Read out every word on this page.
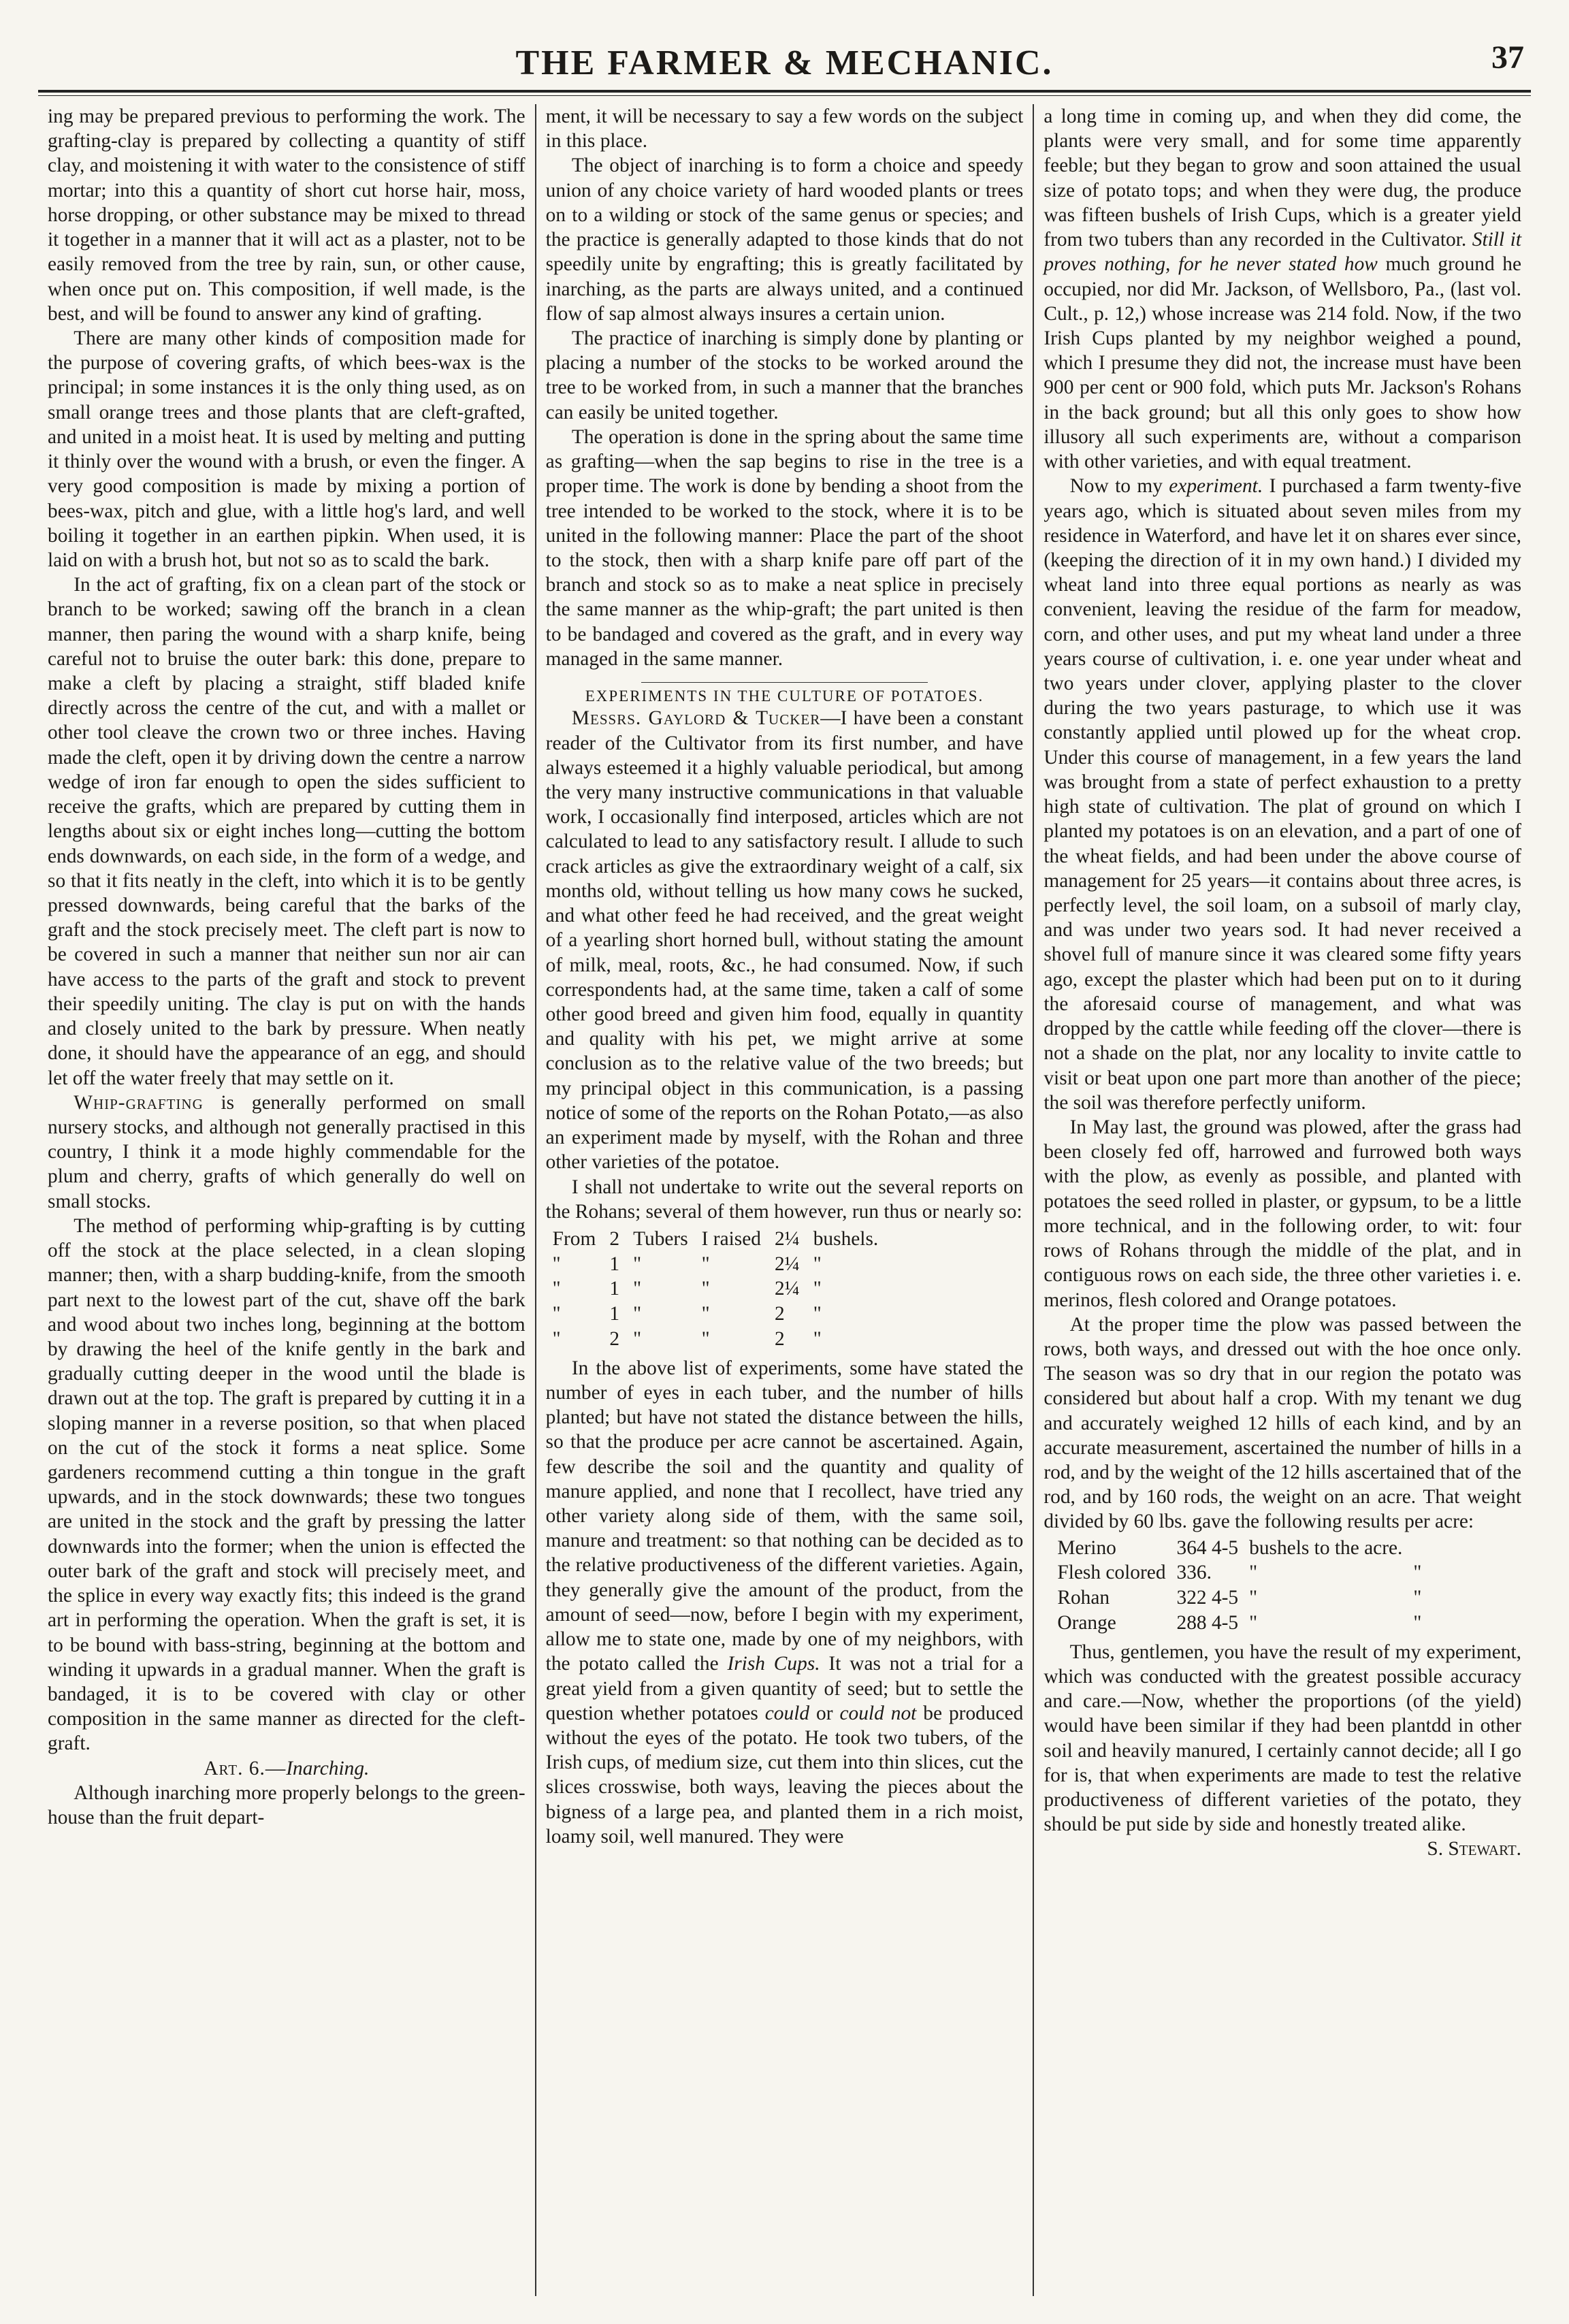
THE FARMER & MECHANIC.	37

ing may be prepared previous to performing the work. The grafting-clay is prepared by collecting a quantity of stiff clay, and moistening it with water to the consistence of stiff mortar; into this a quantity of short cut horse hair, moss, horse dropping, or other substance may be mixed to thread it together in a manner that it will act as a plaster, not to be easily removed from the tree by rain, sun, or other cause, when once put on. This composition, if well made, is the best, and will be found to answer any kind of grafting.

There are many other kinds of composition made for the purpose of covering grafts, of which bees-wax is the principal; in some instances it is the only thing used, as on small orange trees and those plants that are cleft-grafted, and united in a moist heat. It is used by melting and putting it thinly over the wound with a brush, or even the finger. A very good composition is made by mixing a portion of bees-wax, pitch and glue, with a little hog's lard, and well boiling it together in an earthen pipkin. When used, it is laid on with a brush hot, but not so as to scald the bark.

In the act of grafting, fix on a clean part of the stock or branch to be worked; sawing off the branch in a clean manner, then paring the wound with a sharp knife, being careful not to bruise the outer bark: this done, prepare to make a cleft by placing a straight, stiff bladed knife directly across the centre of the cut, and with a mallet or other tool cleave the crown two or three inches. Having made the cleft, open it by driving down the centre a narrow wedge of iron far enough to open the sides sufficient to receive the grafts, which are prepared by cutting them in lengths about six or eight inches long—cutting the bottom ends downwards, on each side, in the form of a wedge, and so that it fits neatly in the cleft, into which it is to be gently pressed downwards, being careful that the barks of the graft and the stock precisely meet. The cleft part is now to be covered in such a manner that neither sun nor air can have access to the parts of the graft and stock to prevent their speedily uniting. The clay is put on with the hands and closely united to the bark by pressure. When neatly done, it should have the appearance of an egg, and should let off the water freely that may settle on it.

Whip-grafting is generally performed on small nursery stocks, and although not generally practised in this country, I think it a mode highly commendable for the plum and cherry, grafts of which generally do well on small stocks.

The method of performing whip-grafting is by cutting off the stock at the place selected, in a clean sloping manner; then, with a sharp budding-knife, from the smooth part next to the lowest part of the cut, shave off the bark and wood about two inches long, beginning at the bottom by drawing the heel of the knife gently in the bark and gradually cutting deeper in the wood until the blade is drawn out at the top. The graft is prepared by cutting it in a sloping manner in a reverse position, so that when placed on the cut of the stock it forms a neat splice. Some gardeners recommend cutting a thin tongue in the graft upwards, and in the stock downwards; these two tongues are united in the stock and the graft by pressing the latter downwards into the former; when the union is effected the outer bark of the graft and stock will precisely meet, and the splice in every way exactly fits; this indeed is the grand art in performing the operation. When the graft is set, it is to be bound with bass-string, beginning at the bottom and winding it upwards in a gradual manner. When the graft is bandaged, it is to be covered with clay or other composition in the same manner as directed for the cleft-graft.

Art. 6.—Inarching.

Although inarching more properly belongs to the green-house than the fruit depart-

ment, it will be necessary to say a few words on the subject in this place.

The object of inarching is to form a choice and speedy union of any choice variety of hard wooded plants or trees on to a wilding or stock of the same genus or species; and the practice is generally adapted to those kinds that do not speedily unite by engrafting; this is greatly facilitated by inarching, as the parts are always united, and a continued flow of sap almost always insures a certain union.

The practice of inarching is simply done by planting or placing a number of the stocks to be worked around the tree to be worked from, in such a manner that the branches can easily be united together.

The operation is done in the spring about the same time as grafting—when the sap begins to rise in the tree is a proper time. The work is done by bending a shoot from the tree intended to be worked to the stock, where it is to be united in the following manner: Place the part of the shoot to the stock, then with a sharp knife pare off part of the branch and stock so as to make a neat splice in precisely the same manner as the whip-graft; the part united is then to be bandaged and covered as the graft, and in every way managed in the same manner.

EXPERIMENTS IN THE CULTURE OF POTATOES.

Messrs. Gaylord & Tucker—I have been a constant reader of the Cultivator from its first number, and have always esteemed it a highly valuable periodical, but among the very many instructive communications in that valuable work, I occasionally find interposed, articles which are not calculated to lead to any satisfactory result. I allude to such crack articles as give the extraordinary weight of a calf, six months old, without telling us how many cows he sucked, and what other feed he had received, and the great weight of a yearling short horned bull, without stating the amount of milk, meal, roots, &c., he had consumed. Now, if such correspondents had, at the same time, taken a calf of some other good breed and given him food, equally in quantity and quality with his pet, we might arrive at some conclusion as to the relative value of the two breeds; but my principal object in this communication, is a passing notice of some of the reports on the Rohan Potato,—as also an experiment made by myself, with the Rohan and three other varieties of the potatoe.

I shall not undertake to write out the several reports on the Rohans; several of them however, run thus or nearly so:

From	2	Tubers	I raised	2¼	bushels.
"	1	"	"	2¼	"
"	1	"	"	2¼	"
"	1	"	"	2	"
"	2	"	"	2	"

In the above list of experiments, some have stated the number of eyes in each tuber, and the number of hills planted; but have not stated the distance between the hills, so that the produce per acre cannot be ascertained. Again, few describe the soil and the quantity and quality of manure applied, and none that I recollect, have tried any other variety along side of them, with the same soil, manure and treatment: so that nothing can be decided as to the relative productiveness of the different varieties. Again, they generally give the amount of the product, from the amount of seed—now, before I begin with my experiment, allow me to state one, made by one of my neighbors, with the potato called the Irish Cups. It was not a trial for a great yield from a given quantity of seed; but to settle the question whether potatoes could or could not be produced without the eyes of the potato. He took two tubers, of the Irish cups, of medium size, cut them into thin slices, cut the slices crosswise, both ways, leaving the pieces about the bigness of a large pea, and planted them in a rich moist, loamy soil, well manured. They were

a long time in coming up, and when they did come, the plants were very small, and for some time apparently feeble; but they began to grow and soon attained the usual size of potato tops; and when they were dug, the produce was fifteen bushels of Irish Cups, which is a greater yield from two tubers than any recorded in the Cultivator. Still it proves nothing, for he never stated how much ground he occupied, nor did Mr. Jackson, of Wellsboro, Pa., (last vol. Cult., p. 12,) whose increase was 214 fold. Now, if the two Irish Cups planted by my neighbor weighed a pound, which I presume they did not, the increase must have been 900 per cent or 900 fold, which puts Mr. Jackson's Rohans in the back ground; but all this only goes to show how illusory all such experiments are, without a comparison with other varieties, and with equal treatment.

Now to my experiment. I purchased a farm twenty-five years ago, which is situated about seven miles from my residence in Waterford, and have let it on shares ever since, (keeping the direction of it in my own hand.) I divided my wheat land into three equal portions as nearly as was convenient, leaving the residue of the farm for meadow, corn, and other uses, and put my wheat land under a three years course of cultivation, i. e. one year under wheat and two years under clover, applying plaster to the clover during the two years pasturage, to which use it was constantly applied until plowed up for the wheat crop. Under this course of management, in a few years the land was brought from a state of perfect exhaustion to a pretty high state of cultivation. The plat of ground on which I planted my potatoes is on an elevation, and a part of one of the wheat fields, and had been under the above course of management for 25 years—it contains about three acres, is perfectly level, the soil loam, on a subsoil of marly clay, and was under two years sod. It had never received a shovel full of manure since it was cleared some fifty years ago, except the plaster which had been put on to it during the aforesaid course of management, and what was dropped by the cattle while feeding off the clover—there is not a shade on the plat, nor any locality to invite cattle to visit or beat upon one part more than another of the piece; the soil was therefore perfectly uniform.

In May last, the ground was plowed, after the grass had been closely fed off, harrowed and furrowed both ways with the plow, as evenly as possible, and planted with potatoes the seed rolled in plaster, or gypsum, to be a little more technical, and in the following order, to wit: four rows of Rohans through the middle of the plat, and in contiguous rows on each side, the three other varieties i. e. merinos, flesh colored and Orange potatoes.

At the proper time the plow was passed between the rows, both ways, and dressed out with the hoe once only. The season was so dry that in our region the potato was considered but about half a crop. With my tenant we dug and accurately weighed 12 hills of each kind, and by an accurate measurement, ascertained the number of hills in a rod, and by the weight of the 12 hills ascertained that of the rod, and by 160 rods, the weight on an acre. That weight divided by 60 lbs. gave the following results per acre:

Merino	364 4-5	bushels to the acre.	
Flesh colored	336.	"	"
Rohan	322 4-5	"	"
Orange	288 4-5	"	"

Thus, gentlemen, you have the result of my experiment, which was conducted with the greatest possible accuracy and care.—Now, whether the proportions (of the yield) would have been similar if they had been plantdd in other soil and heavily manured, I certainly cannot decide; all I go for is, that when experiments are made to test the relative productiveness of different varieties of the potato, they should be put side by side and honestly treated alike.

S. Stewart.
